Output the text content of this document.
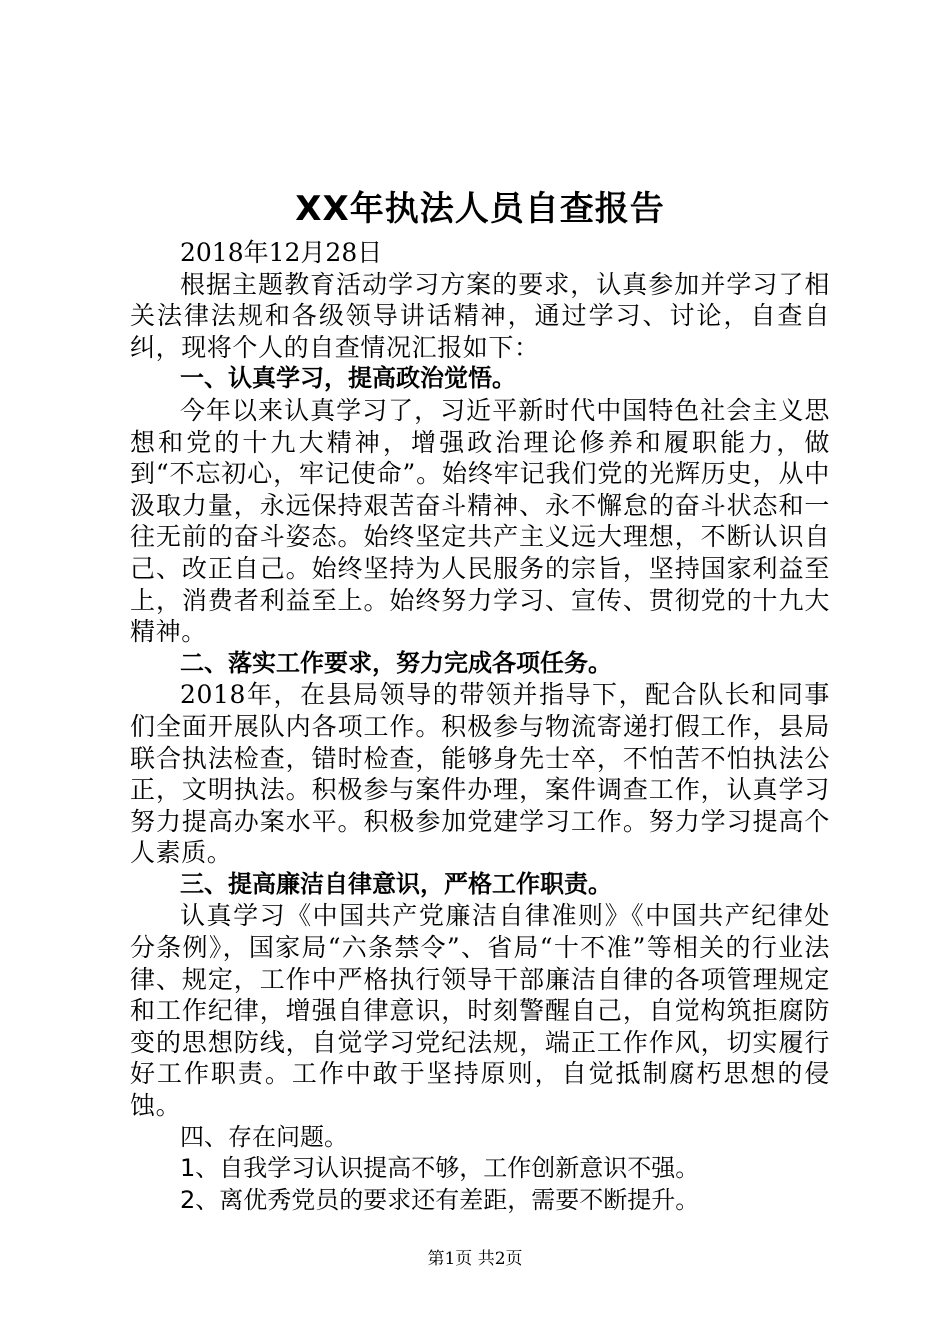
XX年执法人员自查报告

2018年12月28日

根据主题教育活动学习方案的要求，认真参加并学习了相关法律法规和各级领导讲话精神，通过学习、讨论，自查自纠，现将个人的自查情况汇报如下：

一、认真学习，提高政治觉悟。

今年以来认真学习了，习近平新时代中国特色社会主义思想和党的十九大精神，增强政治理论修养和履职能力，做到“不忘初心，牢记使命”。始终牢记我们党的光辉历史，从中汲取力量，永远保持艰苦奋斗精神、永不懈怠的奋斗状态和一往无前的奋斗姿态。始终坚定共产主义远大理想，不断认识自己、改正自己。始终坚持为人民服务的宗旨，坚持国家利益至上，消费者利益至上。始终努力学习、宣传、贯彻党的十九大精神。

二、落实工作要求，努力完成各项任务。

2018年，在县局领导的带领并指导下，配合队长和同事们全面开展队内各项工作。积极参与物流寄递打假工作，县局联合执法检查，错时检查，能够身先士卒，不怕苦不怕执法公正，文明执法。积极参与案件办理，案件调查工作，认真学习努力提高办案水平。积极参加党建学习工作。努力学习提高个人素质。

三、提高廉洁自律意识，严格工作职责。

认真学习《中国共产党廉洁自律准则》《中国共产纪律处分条例》，国家局“六条禁令”、省局“十不准”等相关的行业法律、规定，工作中严格执行领导干部廉洁自律的各项管理规定和工作纪律，增强自律意识，时刻警醒自己，自觉构筑拒腐防变的思想防线，自觉学习党纪法规，端正工作作风，切实履行好工作职责。工作中敢于坚持原则，自觉抵制腐朽思想的侵蚀。

四、存在问题。

1、自我学习认识提高不够，工作创新意识不强。

2、离优秀党员的要求还有差距，需要不断提升。

第1页 共2页
